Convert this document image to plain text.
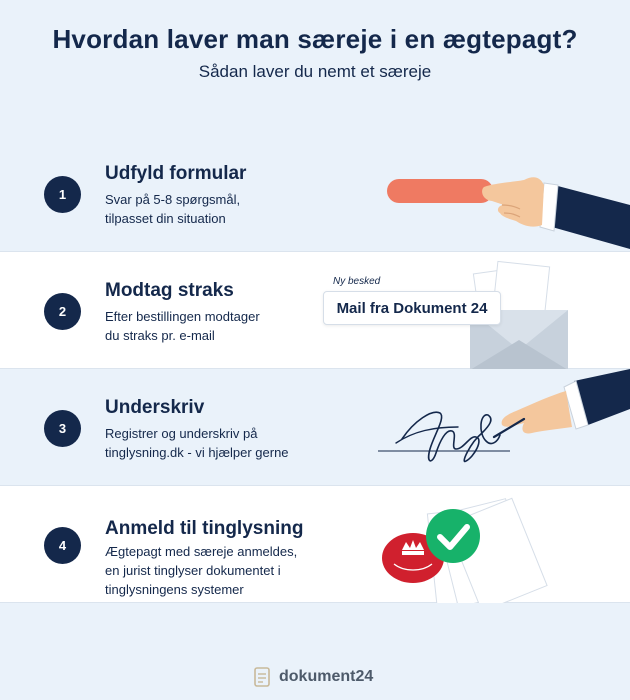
Hvordan laver man særeje i en ægtepagt?
Sådan laver du nemt et særeje
1
Udfyld formular
Svar på 5-8 spørgsmål,
tilpasset din situation
2
Modtag straks
Efter bestillingen modtager
du straks pr. e-mail
Ny besked
Mail fra Dokument 24
3
Underskriv
Registrer og underskriv på
tinglysning.dk - vi hjælper gerne
4
Anmeld til tinglysning
Ægtepagt med særeje anmeldes,
en jurist tinglyser dokumentet i
tinglysningens systemer
dokument24
